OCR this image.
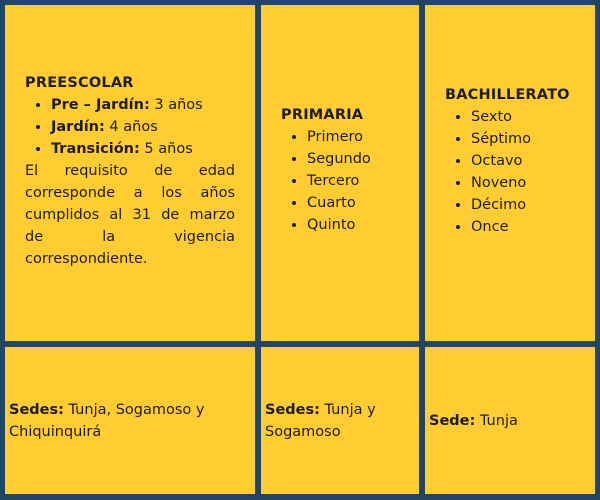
PREESCOLAR
• Pre – Jardín: 3 años
• Jardín: 4 años
• Transición: 5 años

El requisito de edad corresponde a los años cumplidos al 31 de marzo de la vigencia correspondiente.

PRIMARIA
• Primero
• Segundo
• Tercero
• Cuarto
• Quinto
BACHILLERATO
• Sexto
• Séptimo
• Octavo
• Noveno
• Décimo
• Once

Sedes: Tunja, Sogamoso y Chiquinquirá

Sedes: Tunja y Sogamoso

Sede: Tunja
